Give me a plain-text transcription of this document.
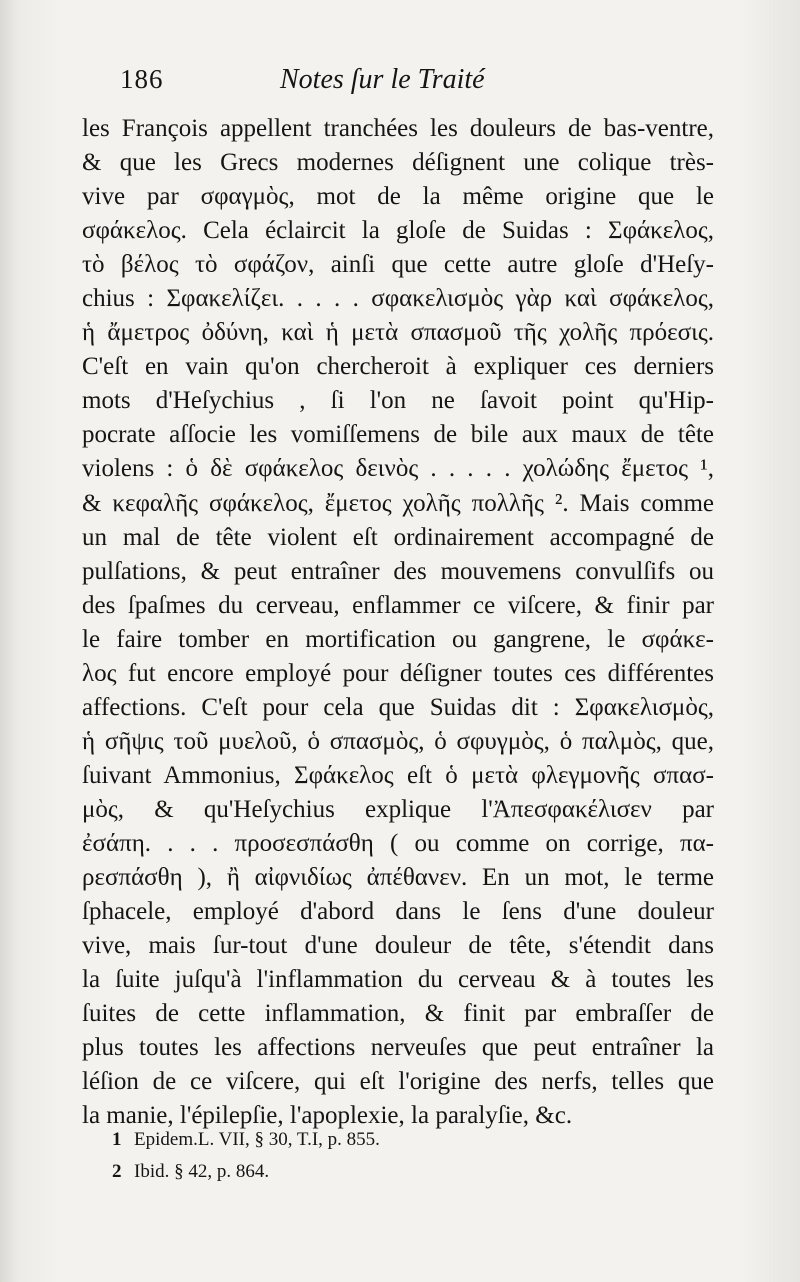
186	Notes ſur le Traité
les François appellent tranchées les douleurs de bas-ventre,
& que les Grecs modernes déſignent une colique très-
vive par σφαγμὸς, mot de la même origine que le
σφάκελος. Cela éclaircit la gloſe de Suidas : Σφάκελος,
τὸ βέλος τὸ σφάζον, ainſi que cette autre gloſe d'Heſy-
chius : Σφακελίζει. . . . . σφακελισμὸς γὰρ καὶ σφάκελος,
ἡ ἄμετρος ὀδύνη, καὶ ἡ μετὰ σπασμοῦ τῆς χολῆς πρόεσις.
C'eſt en vain qu'on chercheroit à expliquer ces derniers
mots d'Heſychius , ſi l'on ne ſavoit point qu'Hip-
pocrate aſſocie les vomiſſemens de bile aux maux de tête
violens : ὁ δὲ σφάκελος δεινὸς . . . . . χολώδης ἔμετος ¹,
& κεφαλῆς σφάκελος, ἔμετος χολῆς πολλῆς ². Mais comme
un mal de tête violent eſt ordinairement accompagné de
pulſations, & peut entraîner des mouvemens convulſifs ou
des ſpaſmes du cerveau, enflammer ce viſcere, & finir par
le faire tomber en mortification ou gangrene, le σφάκε-
λος fut encore employé pour déſigner toutes ces différentes
affections. C'eſt pour cela que Suidas dit : Σφακελισμὸς,
ἡ σῆψις τοῦ μυελοῦ, ὁ σπασμὸς, ὁ σφυγμὸς, ὁ παλμὸς, que,
ſuivant Ammonius, Σφάκελος eſt ὁ μετὰ φλεγμονῆς σπασ-
μὸς, & qu'Heſychius explique l'Ἀπεσφακέλισεν par
ἐσάπη. . . . προσεσπάσθη ( ou comme on corrige, πα-
ρεσπάσθη ), ἢ αἰφνιδίως ἀπέθανεν. En un mot, le terme
ſphacele, employé d'abord dans le ſens d'une douleur
vive, mais ſur-tout d'une douleur de tête, s'étendit dans
la ſuite juſqu'à l'inflammation du cerveau & à toutes les
ſuites de cette inflammation, & finit par embraſſer de
plus toutes les affections nerveuſes que peut entraîner la
léſion de ce viſcere, qui eſt l'origine des nerfs, telles que
la manie, l'épilepſie, l'apoplexie, la paralyſie, &c.
1 Epidem.L. VII, § 30, T.I, p. 855.
2 Ibid. § 42, p. 864.
